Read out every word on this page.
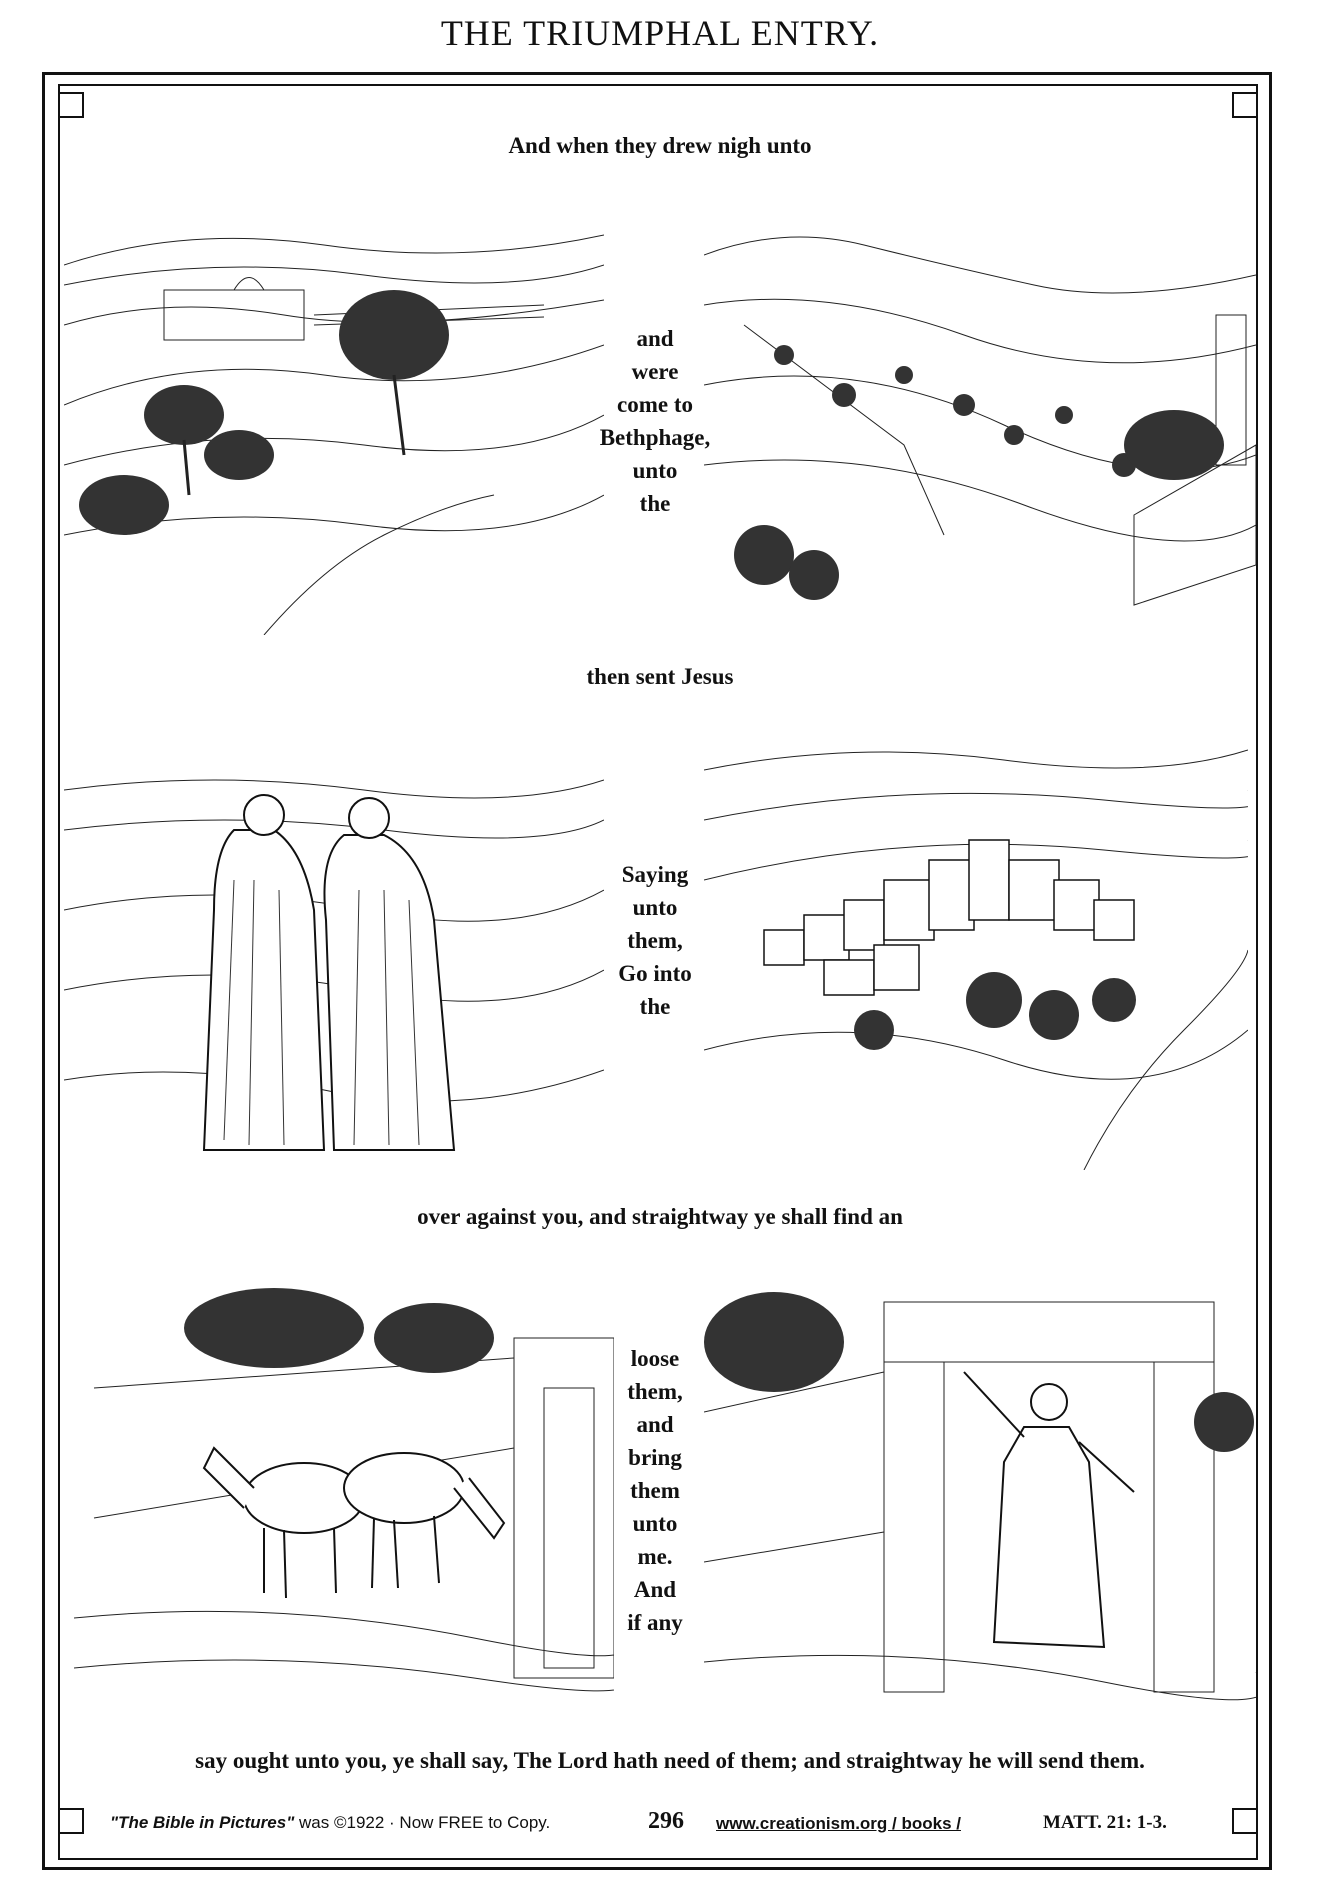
THE TRIUMPHAL ENTRY.
And when they drew nigh unto
and
were
come to
Bethphage,
unto
the
then sent Jesus
Saying
unto
them,
Go into
the
over against you, and straightway ye shall find an
loose
them,
and
bring
them
unto
me.
And
if any
say ought unto you, ye shall say, The Lord hath need of them; and straightway he will send them.
"The Bible in Pictures" was ©1922 · Now FREE to Copy.	296 www.creationism.org / books /	MATT. 21: 1-3.
